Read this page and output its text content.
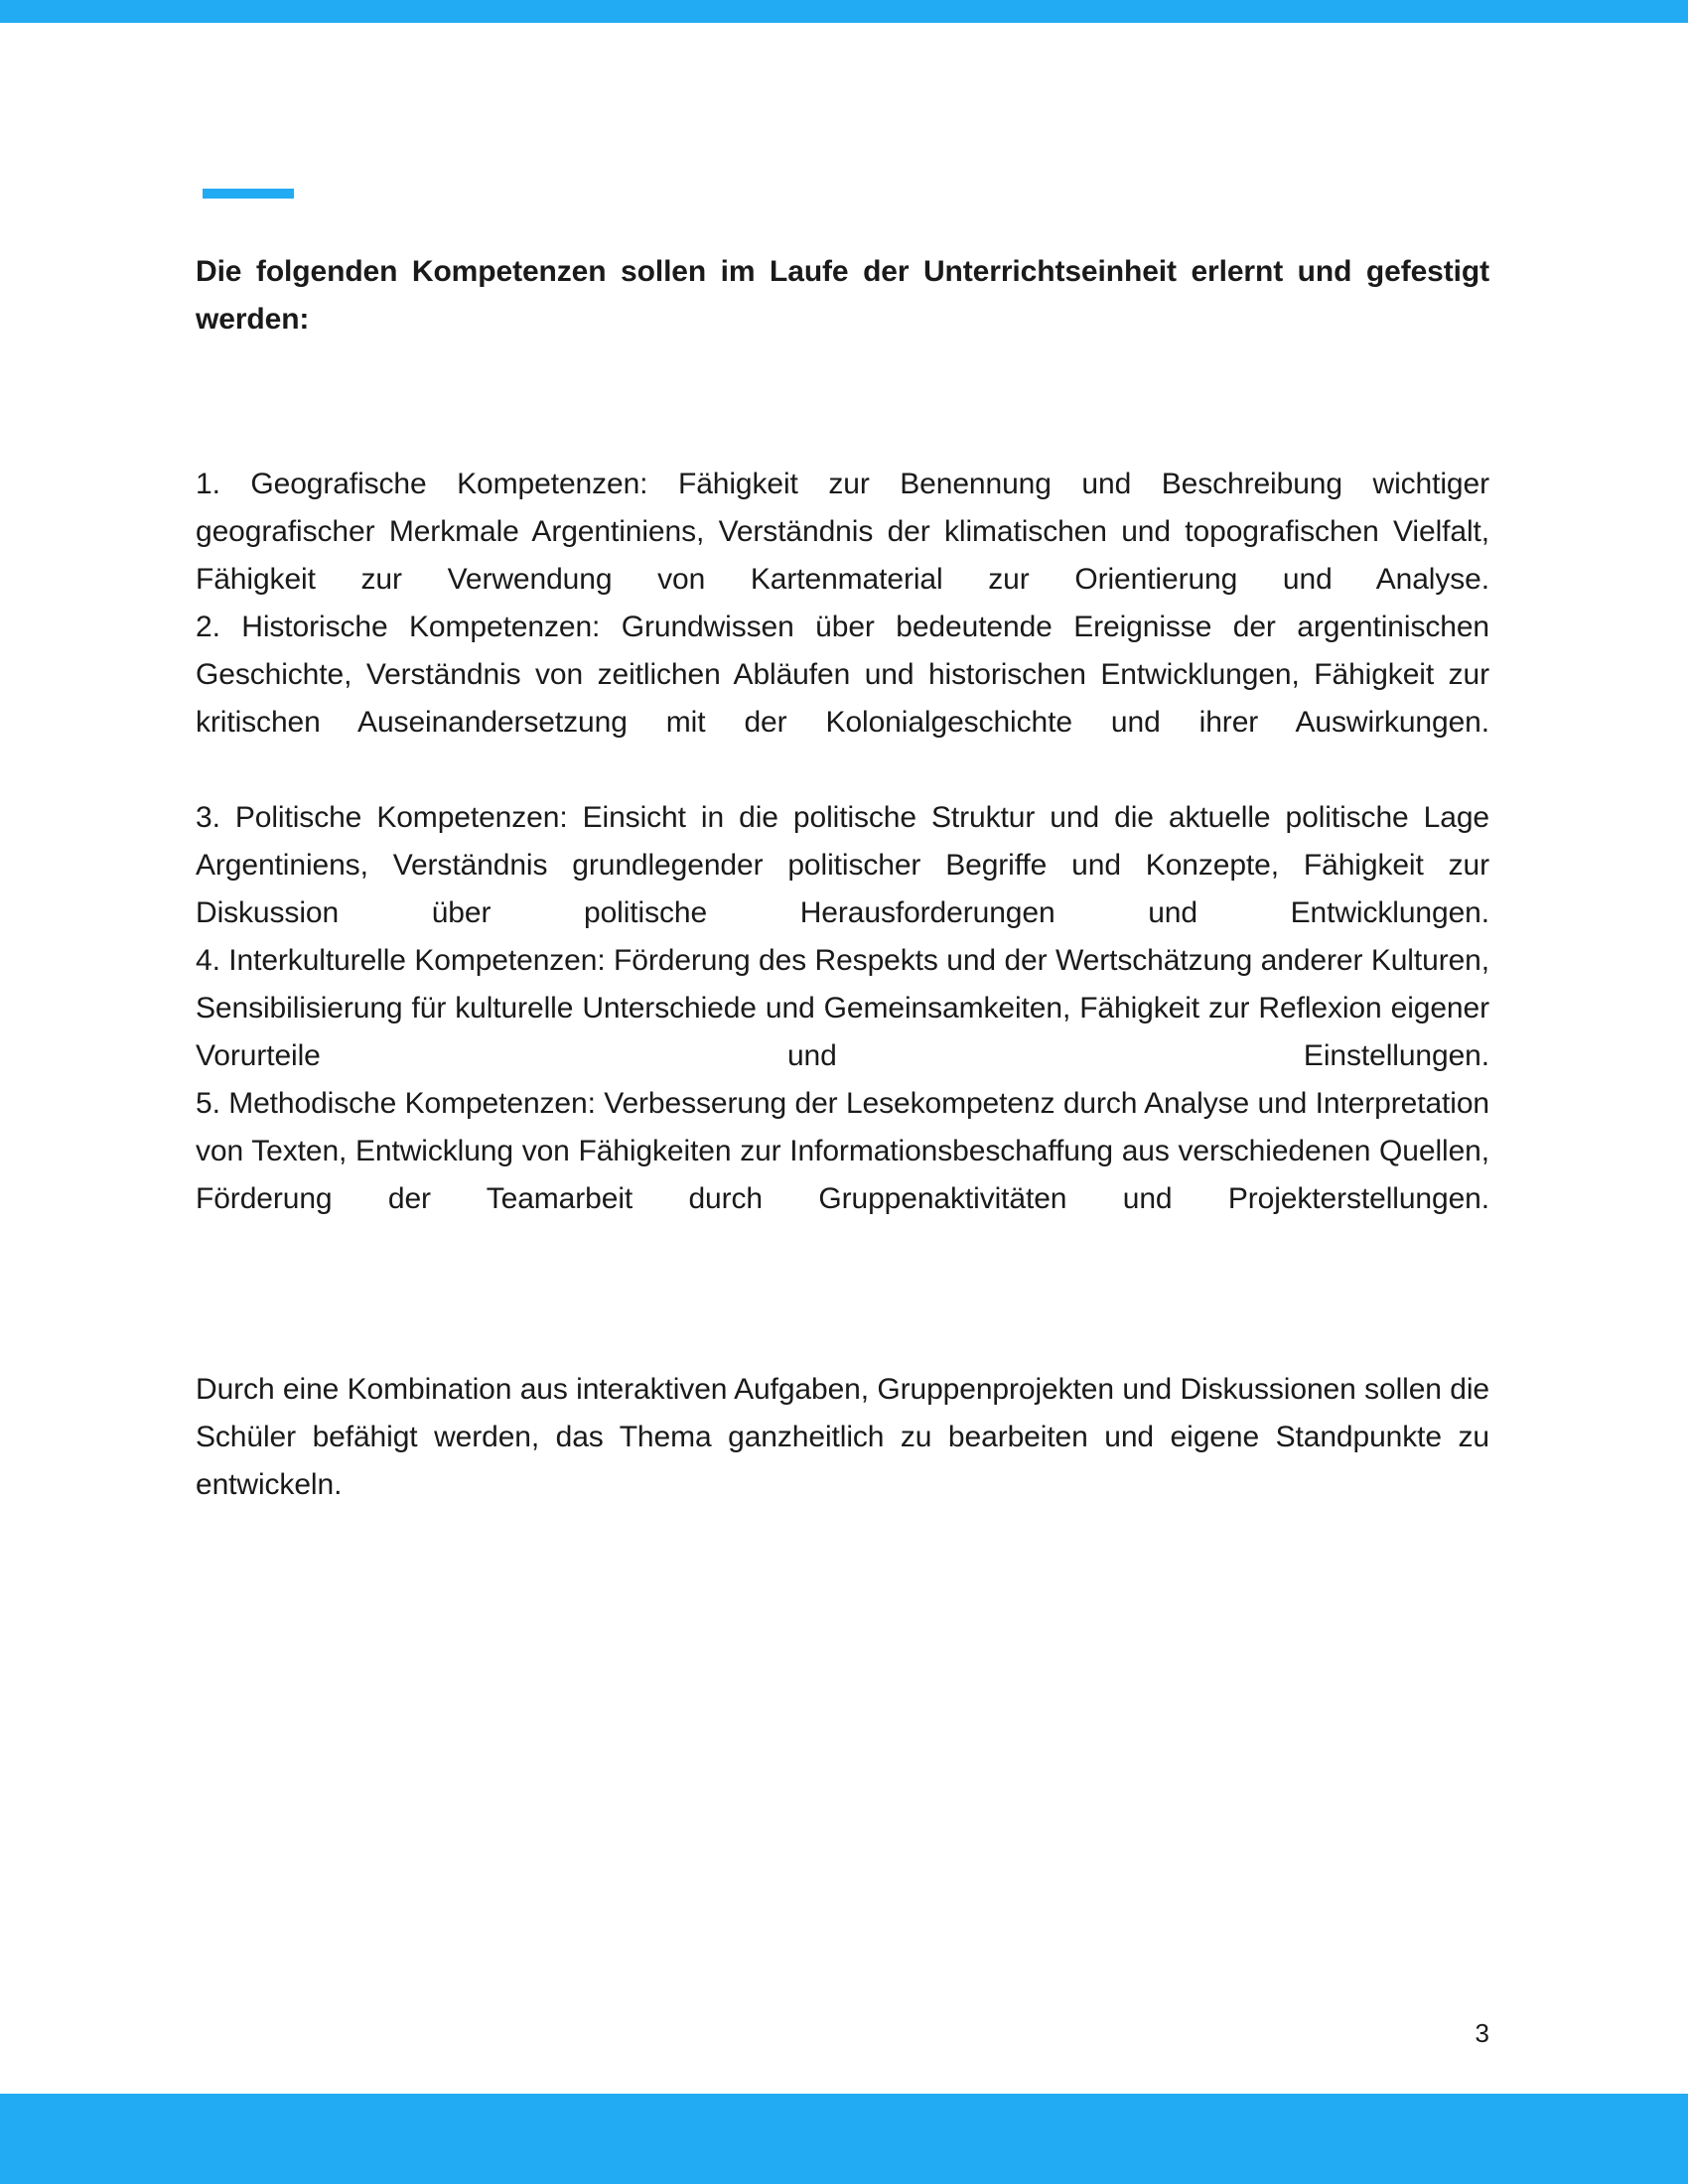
Die folgenden Kompetenzen sollen im Laufe der Unterrichtseinheit erlernt und gefestigt werden:
1. Geografische Kompetenzen: Fähigkeit zur Benennung und Beschreibung wichtiger geografischer Merkmale Argentiniens, Verständnis der klimatischen und topografischen Vielfalt, Fähigkeit zur Verwendung von Kartenmaterial zur Orientierung und Analyse.
2. Historische Kompetenzen: Grundwissen über bedeutende Ereignisse der argentinischen Geschichte, Verständnis von zeitlichen Abläufen und historischen Entwicklungen, Fähigkeit zur kritischen Auseinandersetzung mit der Kolonialgeschichte und ihrer Auswirkungen.
3. Politische Kompetenzen: Einsicht in die politische Struktur und die aktuelle politische Lage Argentiniens, Verständnis grundlegender politischer Begriffe und Konzepte, Fähigkeit zur Diskussion über politische Herausforderungen und Entwicklungen.
4. Interkulturelle Kompetenzen: Förderung des Respekts und der Wertschätzung anderer Kulturen, Sensibilisierung für kulturelle Unterschiede und Gemeinsamkeiten, Fähigkeit zur Reflexion eigener Vorurteile und Einstellungen.
5. Methodische Kompetenzen: Verbesserung der Lesekompetenz durch Analyse und Interpretation von Texten, Entwicklung von Fähigkeiten zur Informationsbeschaffung aus verschiedenen Quellen, Förderung der Teamarbeit durch Gruppenaktivitäten und Projekterstellungen.
Durch eine Kombination aus interaktiven Aufgaben, Gruppenprojekten und Diskussionen sollen die Schüler befähigt werden, das Thema ganzheitlich zu bearbeiten und eigene Standpunkte zu entwickeln.
3
